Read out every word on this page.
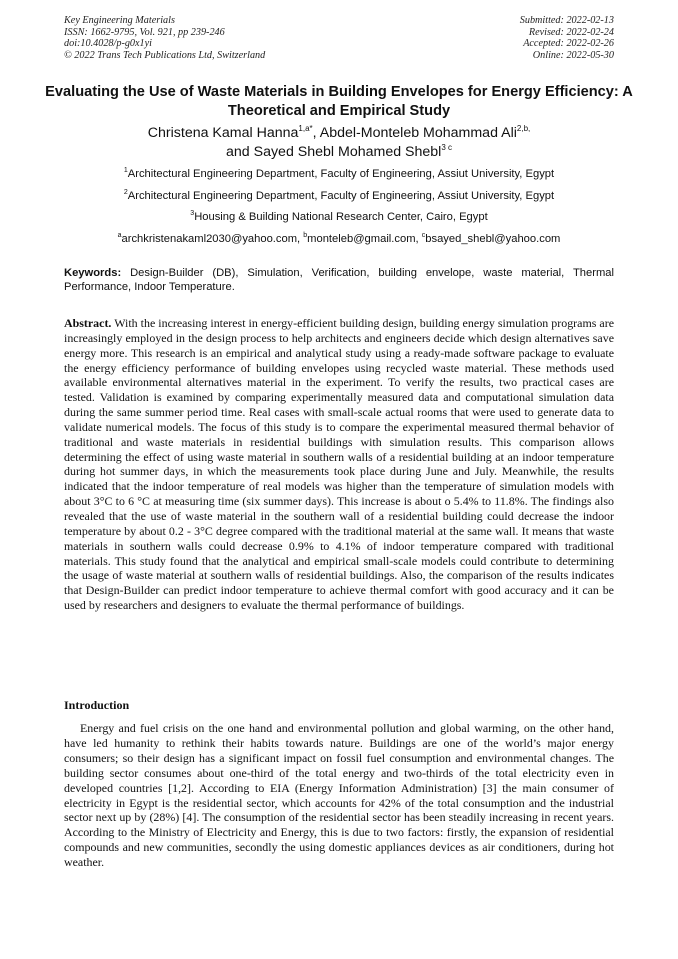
Key Engineering Materials
ISSN: 1662-9795, Vol. 921, pp 239-246
doi:10.4028/p-g0x1yi
© 2022 Trans Tech Publications Ltd, Switzerland
Submitted: 2022-02-13
Revised: 2022-02-24
Accepted: 2022-02-26
Online: 2022-05-30
Evaluating the Use of Waste Materials in Building Envelopes for Energy Efficiency: A Theoretical and Empirical Study
Christena Kamal Hanna$^{1,a*}$, Abdel-Monteleb Mohammad Ali$^{2,b,}$
and Sayed Shebl Mohamed Shebl$^{3 c}$
$^1$Architectural Engineering Department, Faculty of Engineering, Assiut University, Egypt
$^2$Architectural Engineering Department, Faculty of Engineering, Assiut University, Egypt
$^3$Housing & Building National Research Center, Cairo, Egypt
$^a$archkristenakaml2030@yahoo.com, $^b$monteleb@gmail.com, $^c$bsayed_shebl@yahoo.com

Keywords: Design-Builder (DB), Simulation, Verification, building envelope, waste material, Thermal Performance, Indoor Temperature.

Abstract. With the increasing interest in energy-efficient building design, building energy simulation programs are increasingly employed in the design process to help architects and engineers decide which design alternatives save energy more. This research is an empirical and analytical study using a ready-made software package to evaluate the energy efficiency performance of building envelopes using recycled waste material. These methods used available environmental alternatives material in the experiment. To verify the results, two practical cases are tested. Validation is examined by comparing experimentally measured data and computational simulation data during the same summer period time. Real cases with small-scale actual rooms that were used to generate data to validate numerical models. The focus of this study is to compare the experimental measured thermal behavior of traditional and waste materials in residential buildings with simulation results. This comparison allows determining the effect of using waste material in southern walls of a residential building at an indoor temperature during hot summer days, in which the measurements took place during June and July. Meanwhile, the results indicated that the indoor temperature of real models was higher than the temperature of simulation models with about 3°C to 6 °C at measuring time (six summer days). This increase is about o 5.4% to 11.8%. The findings also revealed that the use of waste material in the southern wall of a residential building could decrease the indoor temperature by about 0.2 - 3°C degree compared with the traditional material at the same wall. It means that waste materials in southern walls could decrease 0.9% to 4.1% of indoor temperature compared with traditional materials. This study found that the analytical and empirical small-scale models could contribute to determining the usage of waste material at southern walls of residential buildings. Also, the comparison of the results indicates that Design-Builder can predict indoor temperature to achieve thermal comfort with good accuracy and it can be used by researchers and designers to evaluate the thermal performance of buildings.

Introduction

Energy and fuel crisis on the one hand and environmental pollution and global warming, on the other hand, have led humanity to rethink their habits towards nature. Buildings are one of the world’s major energy consumers; so their design has a significant impact on fossil fuel consumption and environmental changes. The building sector consumes about one-third of the total energy and two-thirds of the total electricity even in developed countries [1,2]. According to EIA (Energy Information Administration) [3] the main consumer of electricity in Egypt is the residential sector, which accounts for 42% of the total consumption and the industrial sector next up by (28%) [4]. The consumption of the residential sector has been steadily increasing in recent years. According to the Ministry of Electricity and Energy, this is due to two factors: firstly, the expansion of residential compounds and new communities, secondly the using domestic appliances devices as air conditioners, during hot weather.
